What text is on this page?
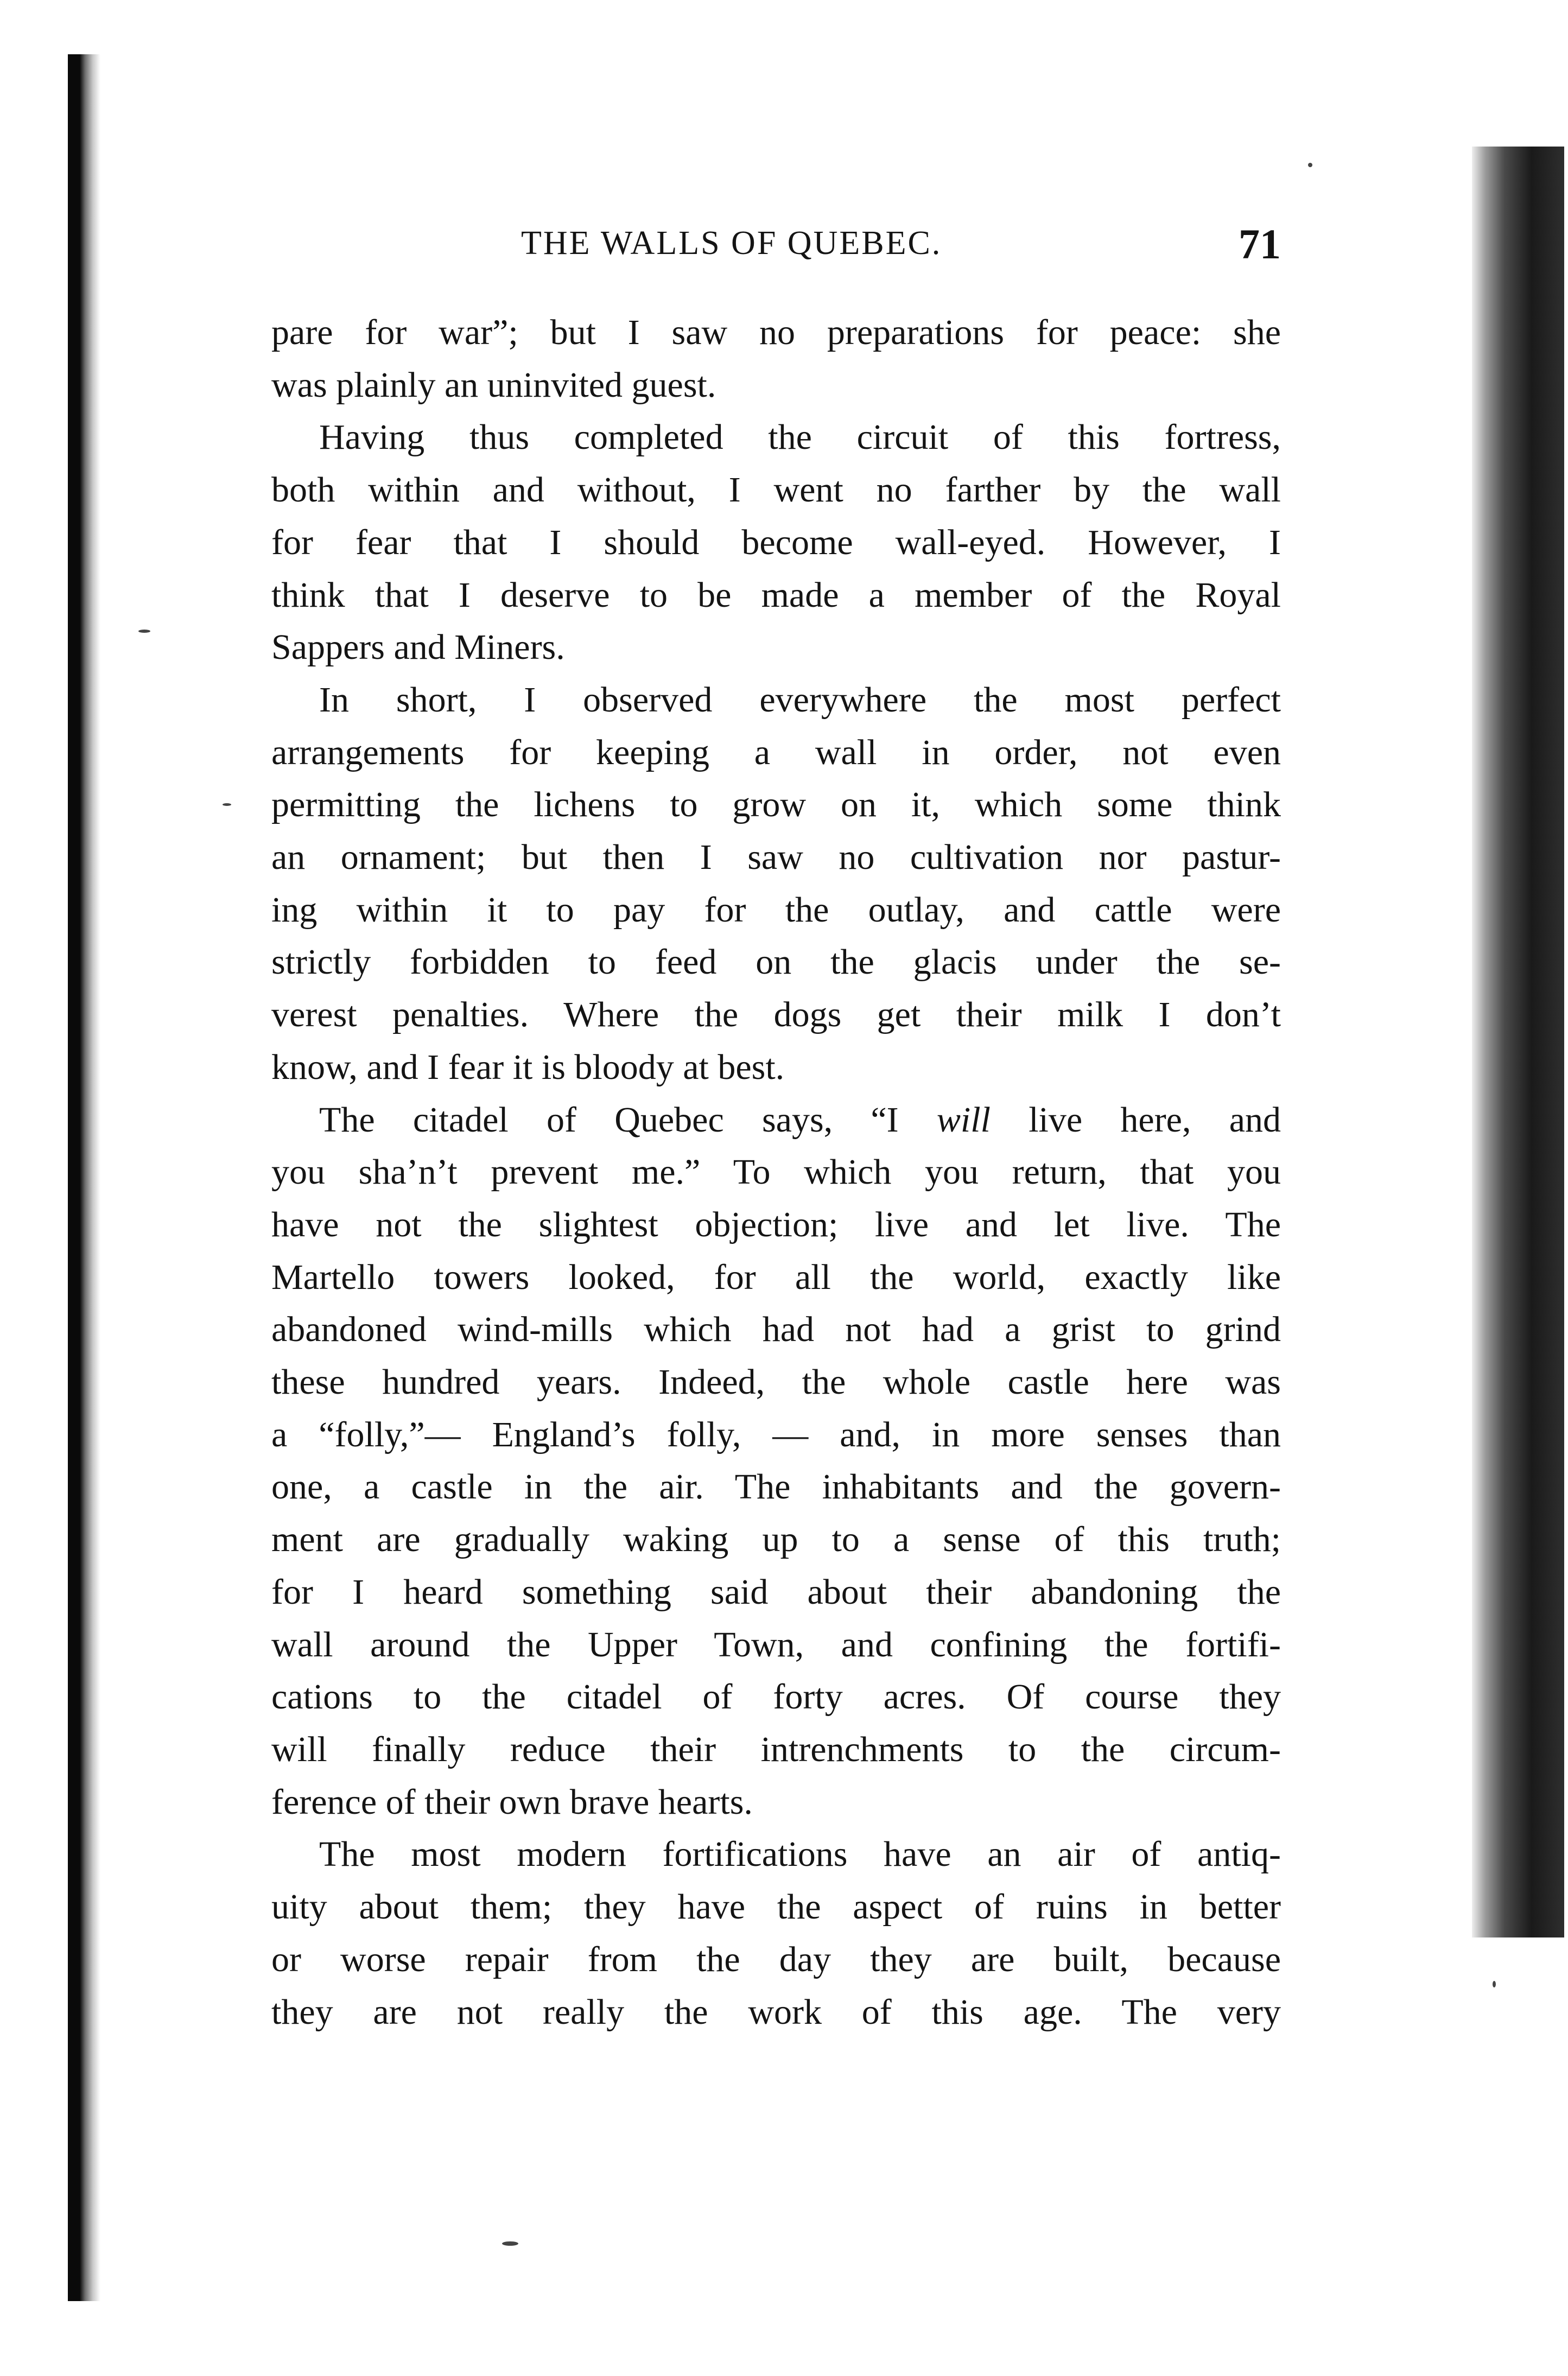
THE WALLS OF QUEBEC.	71
pare for war”; but I saw no preparations for peace: she
was plainly an uninvited guest.
Having thus completed the circuit of this fortress,
both within and without, I went no farther by the wall
for fear that I should become wall-eyed. However, I
think that I deserve to be made a member of the Royal
Sappers and Miners.
In short, I observed everywhere the most perfect
arrangements for keeping a wall in order, not even
permitting the lichens to grow on it, which some think
an ornament; but then I saw no cultivation nor pastur-
ing within it to pay for the outlay, and cattle were
strictly forbidden to feed on the glacis under the se-
verest penalties. Where the dogs get their milk I don’t
know, and I fear it is bloody at best.
The citadel of Quebec says, “I will live here, and
you sha’n’t prevent me.” To which you return, that you
have not the slightest objection; live and let live. The
Martello towers looked, for all the world, exactly like
abandoned wind-mills which had not had a grist to grind
these hundred years. Indeed, the whole castle here was
a “folly,”— England’s folly, — and, in more senses than
one, a castle in the air. The inhabitants and the govern-
ment are gradually waking up to a sense of this truth;
for I heard something said about their abandoning the
wall around the Upper Town, and confining the fortifi-
cations to the citadel of forty acres. Of course they
will finally reduce their intrenchments to the circum-
ference of their own brave hearts.
The most modern fortifications have an air of antiq-
uity about them; they have the aspect of ruins in better
or worse repair from the day they are built, because
they are not really the work of this age. The very
